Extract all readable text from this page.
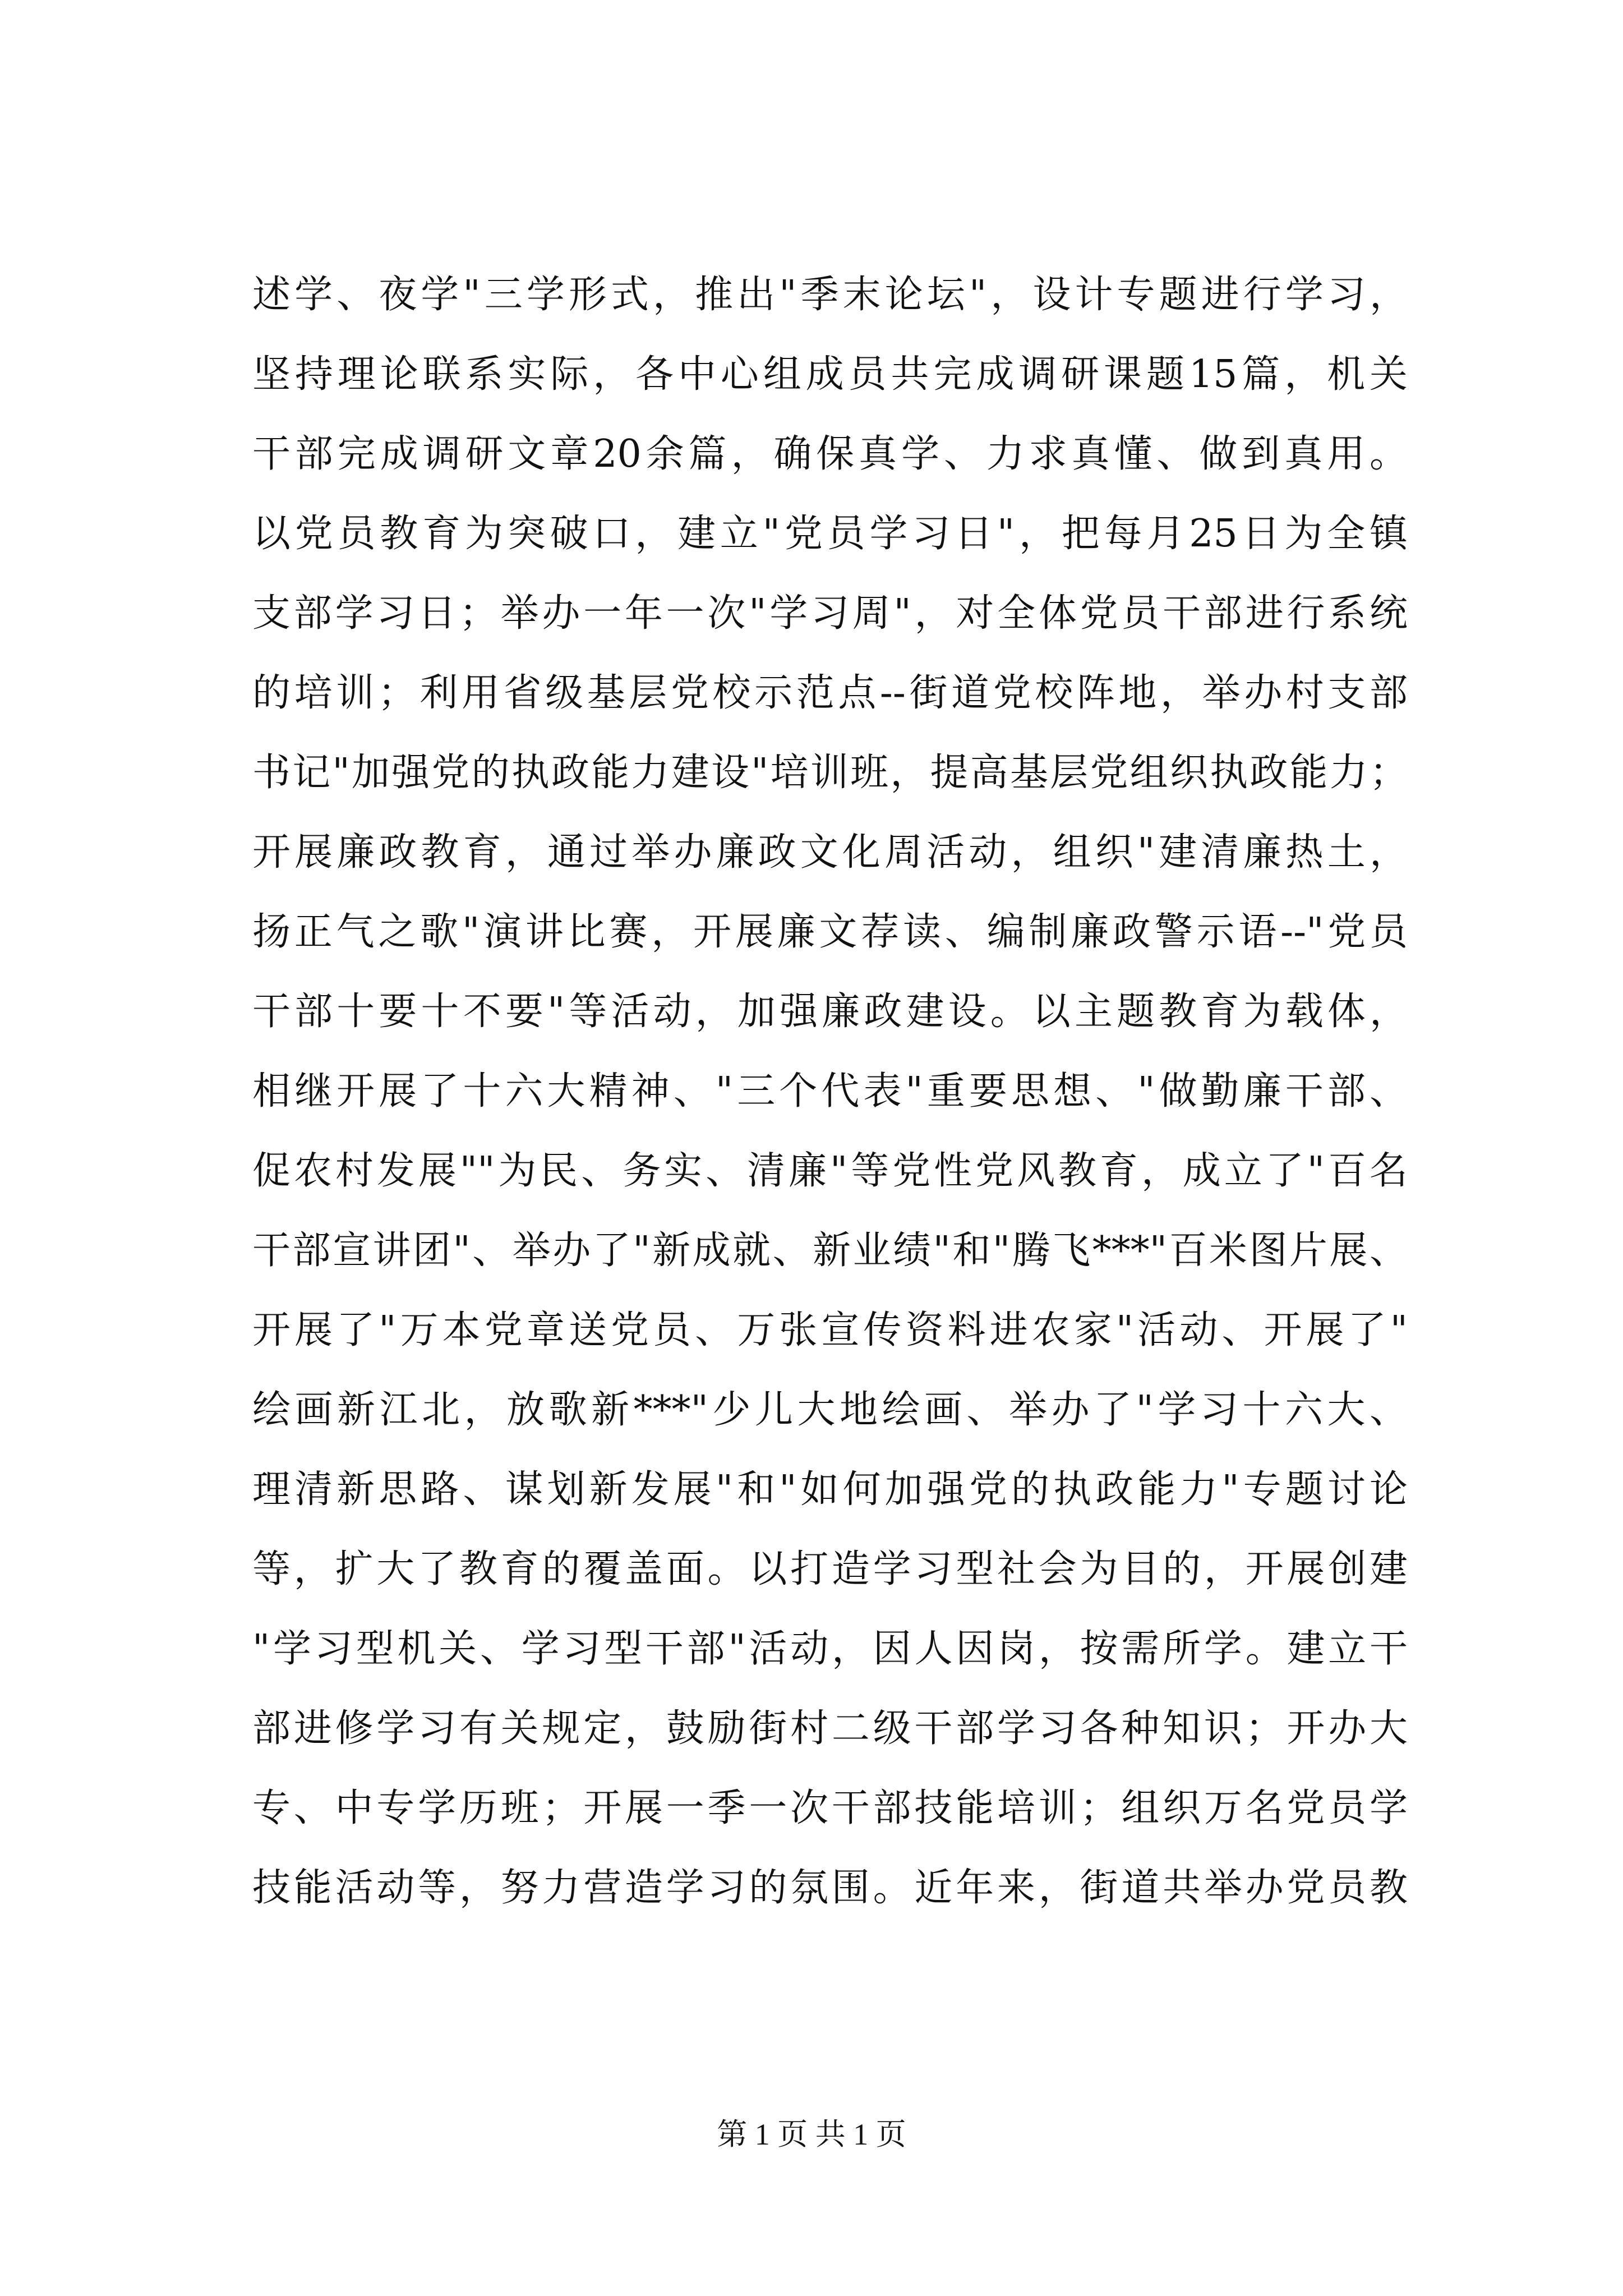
述学、夜学"三学形式，推出"季末论坛"，设计专题进行学习，
坚持理论联系实际，各中心组成员共完成调研课题15篇，机关
干部完成调研文章20余篇，确保真学、力求真懂、做到真用。
以党员教育为突破口，建立"党员学习日"，把每月25日为全镇
支部学习日；举办一年一次"学习周"，对全体党员干部进行系统
的培训；利用省级基层党校示范点--街道党校阵地，举办村支部
书记"加强党的执政能力建设"培训班，提高基层党组织执政能力；
开展廉政教育，通过举办廉政文化周活动，组织"建清廉热土，
扬正气之歌"演讲比赛，开展廉文荐读、编制廉政警示语--"党员
干部十要十不要"等活动，加强廉政建设。以主题教育为载体，
相继开展了十六大精神、"三个代表"重要思想、"做勤廉干部、
促农村发展""为民、务实、清廉"等党性党风教育，成立了"百名
干部宣讲团"、举办了"新成就、新业绩"和"腾飞***"百米图片展、
开展了"万本党章送党员、万张宣传资料进农家"活动、开展了"
绘画新江北，放歌新***"少儿大地绘画、举办了"学习十六大、
理清新思路、谋划新发展"和"如何加强党的执政能力"专题讨论
等，扩大了教育的覆盖面。以打造学习型社会为目的，开展创建
"学习型机关、学习型干部"活动，因人因岗，按需所学。建立干
部进修学习有关规定，鼓励街村二级干部学习各种知识；开办大
专、中专学历班；开展一季一次干部技能培训；组织万名党员学
技能活动等，努力营造学习的氛围。近年来，街道共举办党员教
第 1 页 共 1 页
